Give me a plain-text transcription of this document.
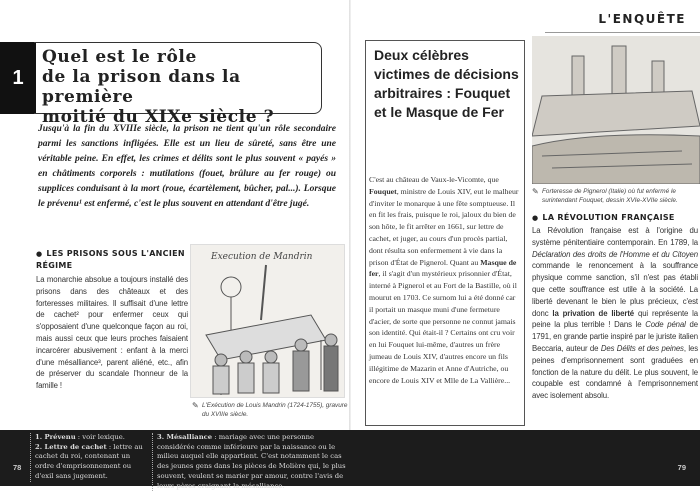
L'ENQUÊTE
1
Quel est le rôle
de la prison dans la première
moitié du XIXe siècle ?
Jusqu'à la fin du XVIIIe siècle, la prison ne tient qu'un rôle secondaire parmi les sanctions infligées. Elle est un lieu de sûreté, sans être une véritable peine. En effet, les crimes et délits sont le plus souvent « payés » en châtiments corporels : mutilations (fouet, brûlure au fer rouge) ou supplices conduisant à la mort (roue, écartèlement, bûcher, pal...). Lorsque le prévenu¹ est enfermé, c'est le plus souvent en attendant d'être jugé.
● LES PRISONS SOUS L'ANCIEN RÉGIME
La monarchie absolue a toujours installé des prisons dans des châteaux et des forteresses militaires. Il suffisait d'une lettre de cachet² pour enfermer ceux qui s'opposaient d'une quelconque façon au roi, mais aussi ceux que leurs proches faisaient incarcérer abusivement : enfant à la merci d'une mésalliance³, parent aliéné, etc., afin de préserver du scandale l'honneur de la famille !
Execution de Mandrin
✎ L'Exécution de Louis Mandrin (1724-1755), gravure du XVIIIe siècle.
Deux célèbres victimes de décisions arbitraires : Fouquet et le Masque de Fer
C'est au château de Vaux-le-Vicomte, que Fouquet, ministre de Louis XIV, eut le malheur d'inviter le monarque à une fête somptueuse. Il en fit les frais, puisque le roi, jaloux du bien de son hôte, le fit arrêter en 1661, sur lettre de cachet, et juger, au cours d'un procès partial, dont résulta son enfermement à vie dans la prison d'État de Pignerol. Quant au Masque de fer, il s'agit d'un mystérieux prisonnier d'État, interné à Pignerol et au Fort de la Bastille, où il mourut en 1703. Ce surnom lui a été donné car il portait un masque muni d'une fermeture d'acier, de sorte que personne ne connut jamais son identité. Qui était-il ? Certains ont cru voir en lui Fouquet lui-même, d'autres un frère jumeau de Louis XIV, d'autres encore un fils illégitime de Mazarin et Anne d'Autriche, ou encore de Louis XIV et Mlle de La Vallière...
✎ Forteresse de Pignerol (Italie) où fut enfermé le surintendant Fouquet, dessin XVIe-XVIIe siècle.
● LA RÉVOLUTION FRANÇAISE
La Révolution française est à l'origine du système pénitentiaire contemporain. En 1789, la Déclaration des droits de l'Homme et du Citoyen commande le renoncement à la souffrance physique comme sanction, s'il n'est pas établi que cette souffrance est utile à la société. La liberté devenant le bien le plus précieux, c'est donc la privation de liberté qui représente la peine la plus terrible ! Dans le Code pénal de 1791, en grande partie inspiré par le juriste italien Beccaria, auteur de Des Délits et des peines, les peines d'emprisonnement sont graduées en fonction de la nature du délit. Le plus souvent, le coupable est condamné à l'emprisonnement avec isolement absolu.
78	79
1. Prévenu : voir lexique.
2. Lettre de cachet : lettre au cachet du roi, contenant un ordre d'emprisonnement ou d'exil sans jugement.
3. Mésalliance : mariage avec une personne considérée comme inférieure par la naissance ou le milieu auquel elle appartient. C'est notamment le cas des jeunes gens dans les pièces de Molière qui, le plus souvent, veulent se marier par amour, contre l'avis de leurs pères craignant la mésalliance.
